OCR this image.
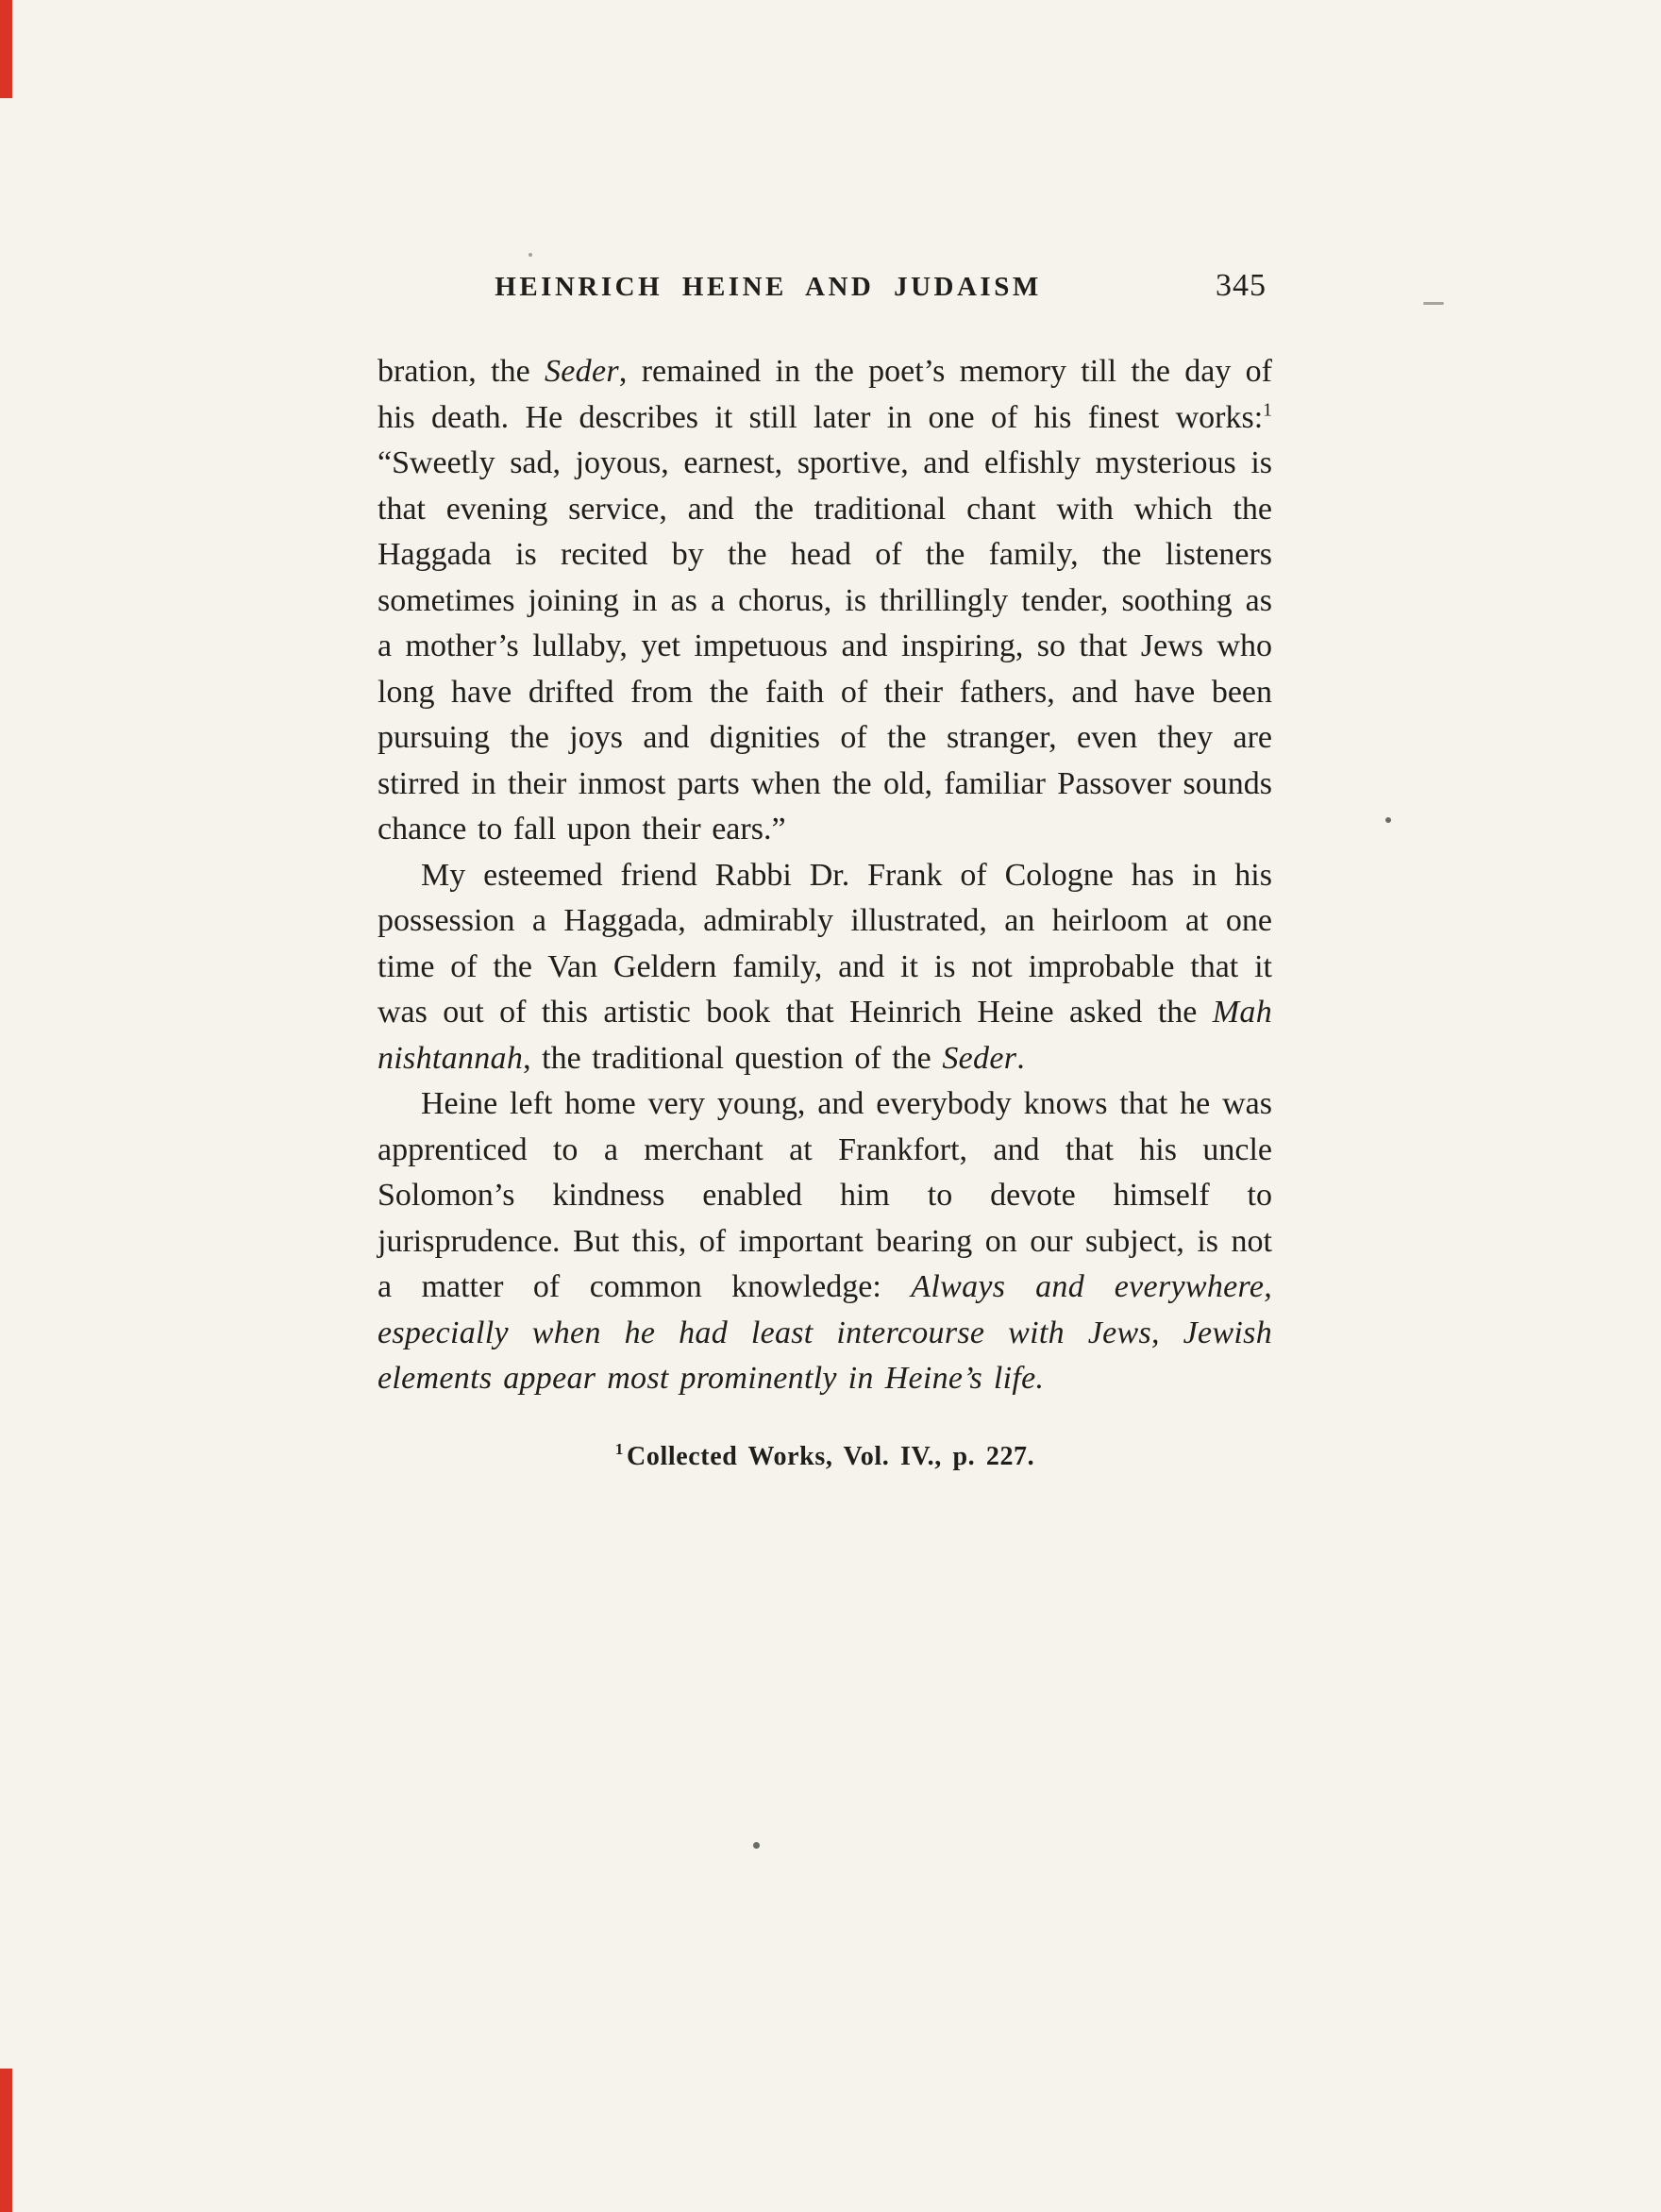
HEINRICH HEINE AND JUDAISM	345

bration, the Seder, remained in the poet’s memory till the day of his death. He describes it still later in one of his finest works:$^1$ “Sweetly sad, joyous, earnest, sportive, and elfishly mysterious is that evening service, and the traditional chant with which the Haggada is recited by the head of the family, the listeners sometimes joining in as a chorus, is thrillingly tender, soothing as a mother’s lullaby, yet impetuous and inspiring, so that Jews who long have drifted from the faith of their fathers, and have been pursuing the joys and dignities of the stranger, even they are stirred in their inmost parts when the old, familiar Passover sounds chance to fall upon their ears.”

My esteemed friend Rabbi Dr. Frank of Cologne has in his possession a Haggada, admirably illustrated, an heirloom at one time of the Van Geldern family, and it is not improbable that it was out of this artistic book that Heinrich Heine asked the Mah nishtannah, the traditional question of the Seder.

Heine left home very young, and everybody knows that he was apprenticed to a merchant at Frankfort, and that his uncle Solomon’s kindness enabled him to devote himself to jurisprudence. But this, of important bearing on our subject, is not a matter of common knowledge: Always and everywhere, especially when he had least intercourse with Jews, Jewish elements appear most prominently in Heine’s life.

$^1$ Collected Works, Vol. IV., p. 227.
